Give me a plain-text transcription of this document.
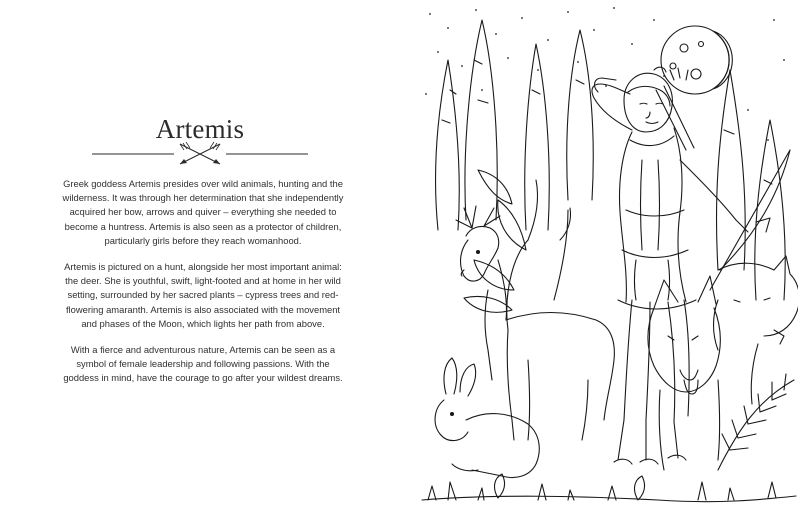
Artemis

Greek goddess Artemis presides over wild animals, hunting and the wilderness. It was through her determination that she independently acquired her bow, arrows and quiver – everything she needed to become a huntress. Artemis is also seen as a protector of children, particularly girls before they reach womanhood.

Artemis is pictured on a hunt, alongside her most important animal: the deer. She is youthful, swift, light-footed and at home in her wild setting, surrounded by her sacred plants – cypress trees and red-flowering amaranth. Artemis is also associated with the movement and phases of the Moon, which lights her path from above.

With a fierce and adventurous nature, Artemis can be seen as a symbol of female leadership and following passions. With the goddess in mind, have the courage to go after your wildest dreams.
